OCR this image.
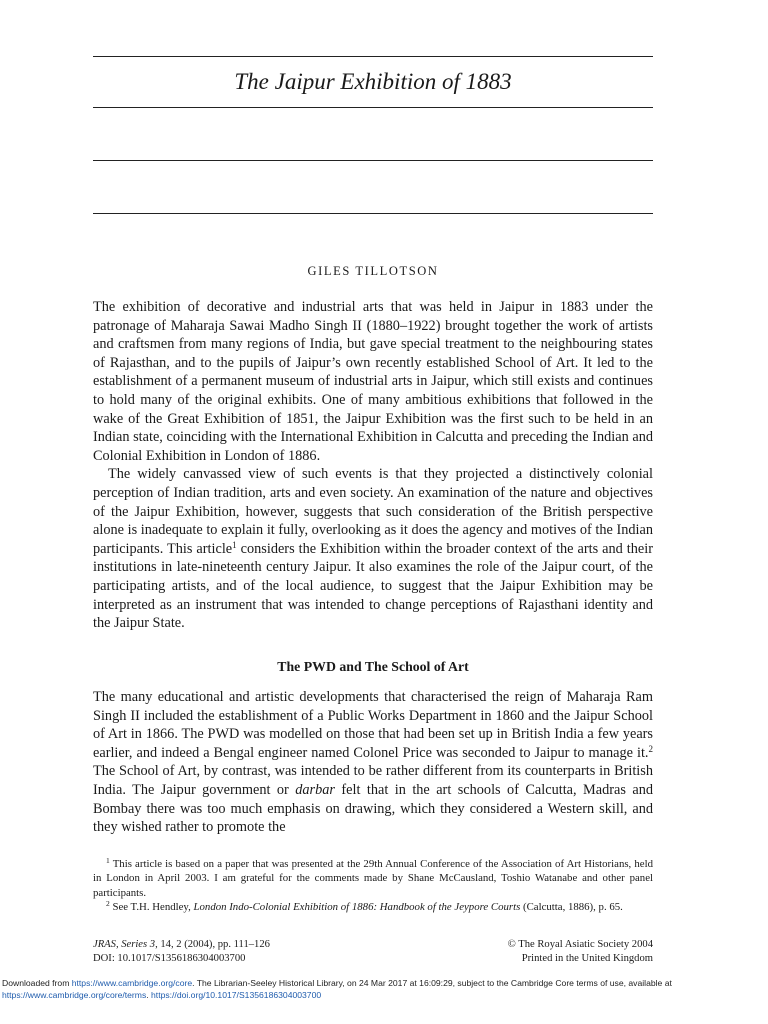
The Jaipur Exhibition of 1883
GILES TILLOTSON

The exhibition of decorative and industrial arts that was held in Jaipur in 1883 under the patronage of Maharaja Sawai Madho Singh II (1880–1922) brought together the work of artists and craftsmen from many regions of India, but gave special treatment to the neighbouring states of Rajasthan, and to the pupils of Jaipur’s own recently established School of Art. It led to the establishment of a permanent museum of industrial arts in Jaipur, which still exists and continues to hold many of the original exhibits. One of many ambitious exhibitions that followed in the wake of the Great Exhibition of 1851, the Jaipur Exhibition was the first such to be held in an Indian state, coinciding with the International Exhibition in Calcutta and preceding the Indian and Colonial Exhibition in London of 1886.

The widely canvassed view of such events is that they projected a distinctively colonial perception of Indian tradition, arts and even society. An examination of the nature and objectives of the Jaipur Exhibition, however, suggests that such consideration of the British perspective alone is inadequate to explain it fully, overlooking as it does the agency and motives of the Indian participants. This article$^1$ considers the Exhibition within the broader context of the arts and their institutions in late-nineteenth century Jaipur. It also examines the role of the Jaipur court, of the participating artists, and of the local audience, to suggest that the Jaipur Exhibition may be interpreted as an instrument that was intended to change perceptions of Rajasthani identity and the Jaipur State.

The PWD and The School of Art

The many educational and artistic developments that characterised the reign of Maharaja Ram Singh II included the establishment of a Public Works Department in 1860 and the Jaipur School of Art in 1866. The PWD was modelled on those that had been set up in British India a few years earlier, and indeed a Bengal engineer named Colonel Price was seconded to Jaipur to manage it.$^2$ The School of Art, by contrast, was intended to be rather different from its counterparts in British India. The Jaipur government or darbar felt that in the art schools of Calcutta, Madras and Bombay there was too much emphasis on drawing, which they considered a Western skill, and they wished rather to promote the

$^1$ This article is based on a paper that was presented at the 29th Annual Conference of the Association of Art Historians, held in London in April 2003. I am grateful for the comments made by Shane McCausland, Toshio Watanabe and other panel participants.

$^2$ See T.H. Hendley, London Indo-Colonial Exhibition of 1886: Handbook of the Jeypore Courts (Calcutta, 1886), p. 65.

JRAS, Series 3, 14, 2 (2004), pp. 111–126
DOI: 10.1017/S1356186304003700
© The Royal Asiatic Society 2004
Printed in the United Kingdom
Downloaded from https://www.cambridge.org/core. The Librarian-Seeley Historical Library, on 24 Mar 2017 at 16:09:29, subject to the Cambridge Core terms of use, available at https://www.cambridge.org/core/terms. https://doi.org/10.1017/S1356186304003700
